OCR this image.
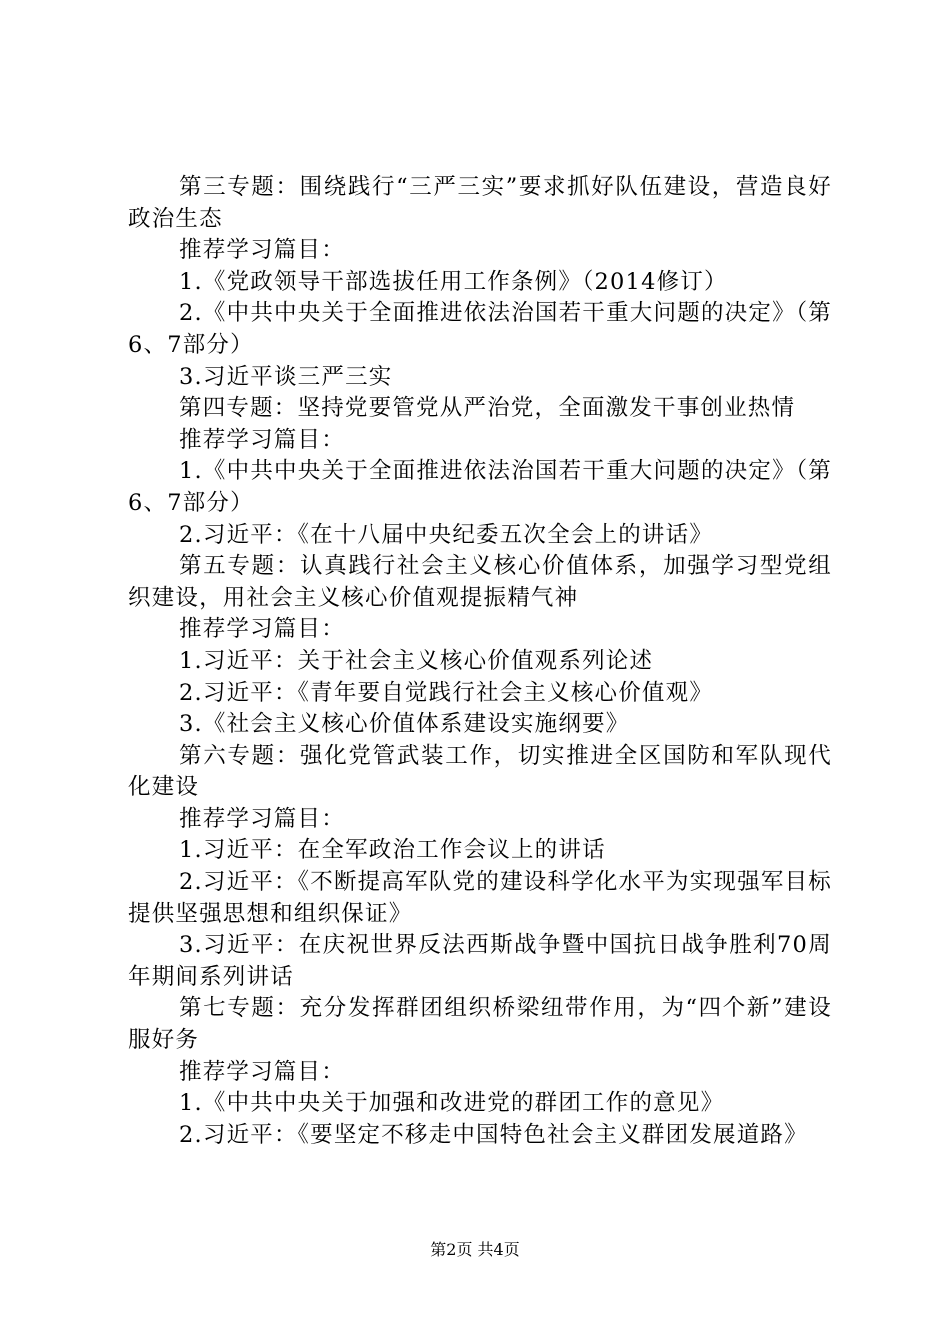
第三专题：围绕践行“三严三实”要求抓好队伍建设，营造良好政治生态

推荐学习篇目：

1.《党政领导干部选拔任用工作条例》（2014修订）

2.《中共中央关于全面推进依法治国若干重大问题的决定》（第6、7部分）

3.习近平谈三严三实

第四专题：坚持党要管党从严治党，全面激发干事创业热情

推荐学习篇目：

1.《中共中央关于全面推进依法治国若干重大问题的决定》（第6、7部分）

2.习近平：《在十八届中央纪委五次全会上的讲话》

第五专题：认真践行社会主义核心价值体系，加强学习型党组织建设，用社会主义核心价值观提振精气神

推荐学习篇目：

1.习近平：关于社会主义核心价值观系列论述

2.习近平：《青年要自觉践行社会主义核心价值观》

3.《社会主义核心价值体系建设实施纲要》

第六专题：强化党管武装工作，切实推进全区国防和军队现代化建设

推荐学习篇目：

1.习近平：在全军政治工作会议上的讲话

2.习近平：《不断提高军队党的建设科学化水平为实现强军目标提供坚强思想和组织保证》

3.习近平：在庆祝世界反法西斯战争暨中国抗日战争胜利70周年期间系列讲话

第七专题：充分发挥群团组织桥梁纽带作用，为“四个新”建设服好务

推荐学习篇目：

1.《中共中央关于加强和改进党的群团工作的意见》

2.习近平：《要坚定不移走中国特色社会主义群团发展道路》

第2页 共4页
